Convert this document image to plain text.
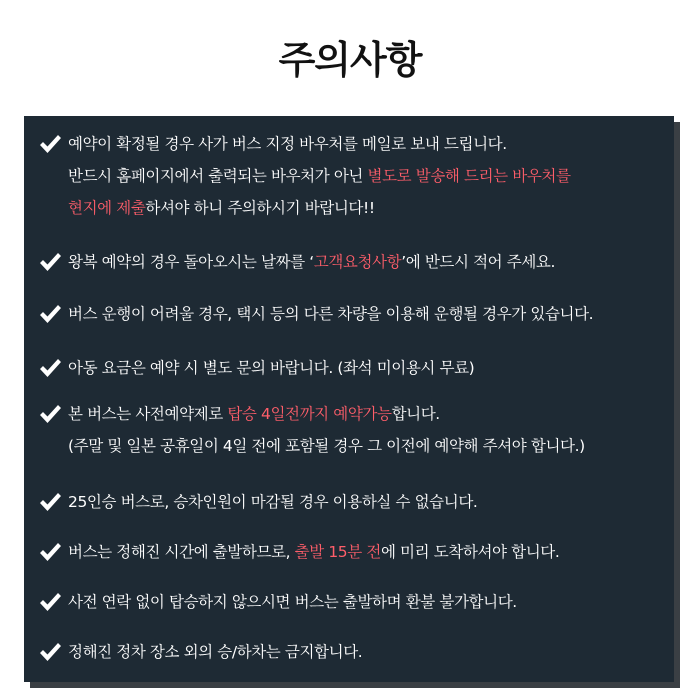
주의사항
예약이 확정될 경우 사가 버스 지정 바우처를 메일로 보내 드립니다.
반드시 홈페이지에서 출력되는 바우처가 아닌 별도로 발송해 드리는 바우처를
현지에 제출하셔야 하니 주의하시기 바랍니다!!
왕복 예약의 경우 돌아오시는 날짜를 ‘고객요청사항’에 반드시 적어 주세요.
버스 운행이 어려울 경우, 택시 등의 다른 차량을 이용해 운행될 경우가 있습니다.
아동 요금은 예약 시 별도 문의 바랍니다. (좌석 미이용시 무료)
본 버스는 사전예약제로 탑승 4일전까지 예약가능합니다.
(주말 및 일본 공휴일이 4일 전에 포함될 경우 그 이전에 예약해 주셔야 합니다.)
25인승 버스로, 승차인원이 마감될 경우 이용하실 수 없습니다.
버스는 정해진 시간에 출발하므로, 출발 15분 전에 미리 도착하셔야 합니다.
사전 연락 없이 탑승하지 않으시면 버스는 출발하며 환불 불가합니다.
정해진 정차 장소 외의 승/하차는 금지합니다.
